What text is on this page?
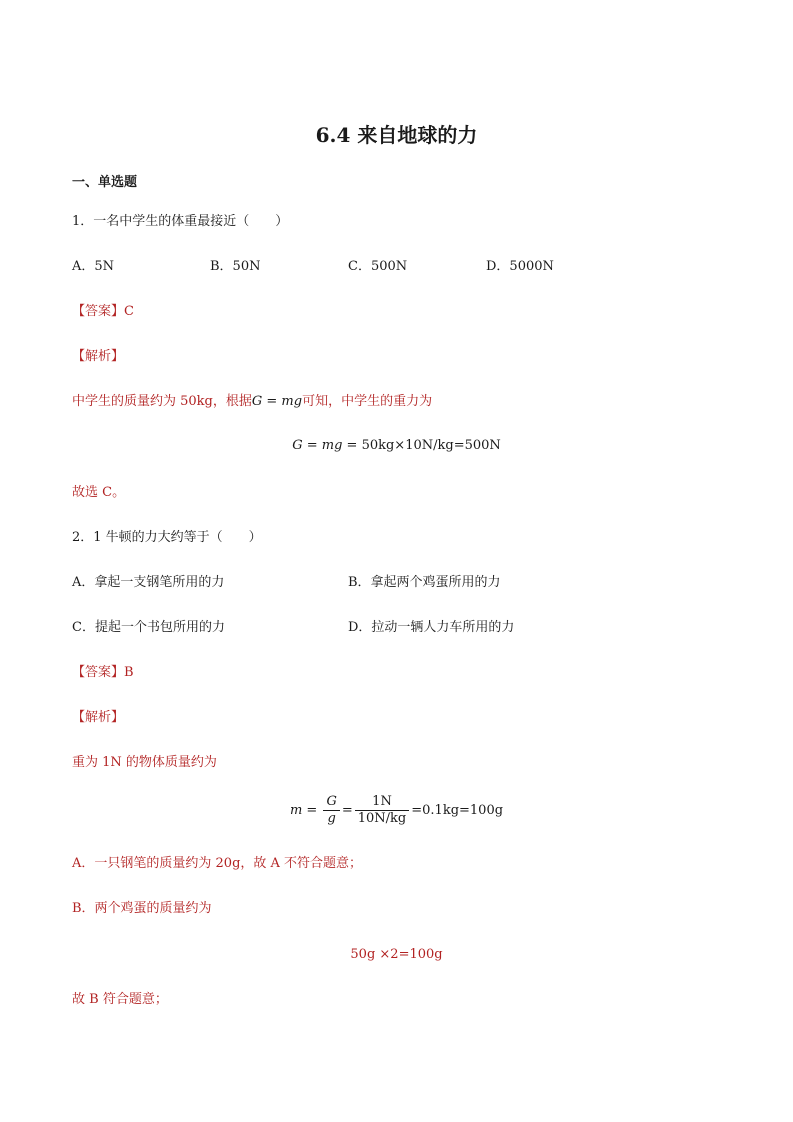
6.4 来自地球的力
一、单选题
1．一名中学生的体重最接近（　　）
A．5N	B．50N	C．500N	D．5000N
【答案】C
【解析】
中学生的质量约为 50kg，根据G = mg可知，中学生的重力为
G = mg = 50kg×10N/kg=500N
故选 C。
2．1 牛顿的力大约等于（　　）
A．拿起一支钢笔所用的力	B．拿起两个鸡蛋所用的力
C．提起一个书包所用的力	D．拉动一辆人力车所用的力
【答案】B
【解析】
重为 1N 的物体质量约为
$m = \frac{G}{g} = \frac{1N}{10N/kg} =0.1kg=100g$
A．一只钢笔的质量约为 20g，故 A 不符合题意；
B．两个鸡蛋的质量约为
50g ×2=100g
故 B 符合题意；
